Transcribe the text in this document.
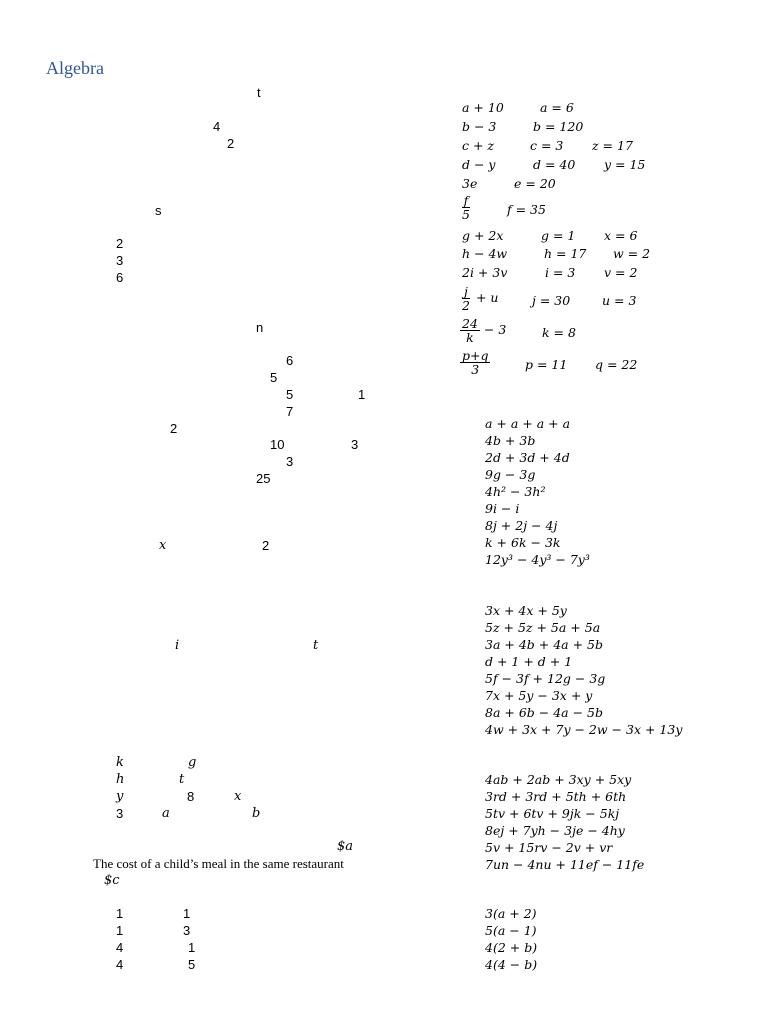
Algebra
t
4
2
s
2
3
6
n
6
5
5	1
7
2
10	3
3
25
x	2
i	t
k	g
h	t
y	8	x
3	a	b
$a
The cost of a child’s meal in the same restaurant
$c
1	1
1	3
4	1
4	5
a + 10	a = 6
b − 3	b = 120
c + z	c = 3 z = 17
d − y	d = 40 y = 15
3e	e = 20
$\frac{f}{5}$	f = 35
g + 2x	g = 1 x = 6
h − 4w	h = 17 w = 2
2i + 3v	i = 3 v = 2
$\frac{j}{2} + u$	j = 30	u = 3
$\frac{24}{k} - 3$	k = 8
$\frac{p+q}{3}$	p = 11 q = 22
a + a + a + a
4b + 3b
2d + 3d + 4d
9g − 3g
4h² − 3h²
9i − i
8j + 2j − 4j
k + 6k − 3k
12y³ − 4y³ − 7y³
3x + 4x + 5y
5z + 5z + 5a + 5a
3a + 4b + 4a + 5b
d + 1 + d + 1
5f − 3f + 12g − 3g
7x + 5y − 3x + y
8a + 6b − 4a − 5b
4w + 3x + 7y − 2w − 3x + 13y
4ab + 2ab + 3xy + 5xy
3rd + 3rd + 5th + 6th
5tv + 6tv + 9jk − 5kj
8ej + 7yh − 3je − 4hy
5v + 15rv − 2v + vr
7un − 4nu + 11ef − 11fe
3(a + 2)
5(a − 1)
4(2 + b)
4(4 − b)
